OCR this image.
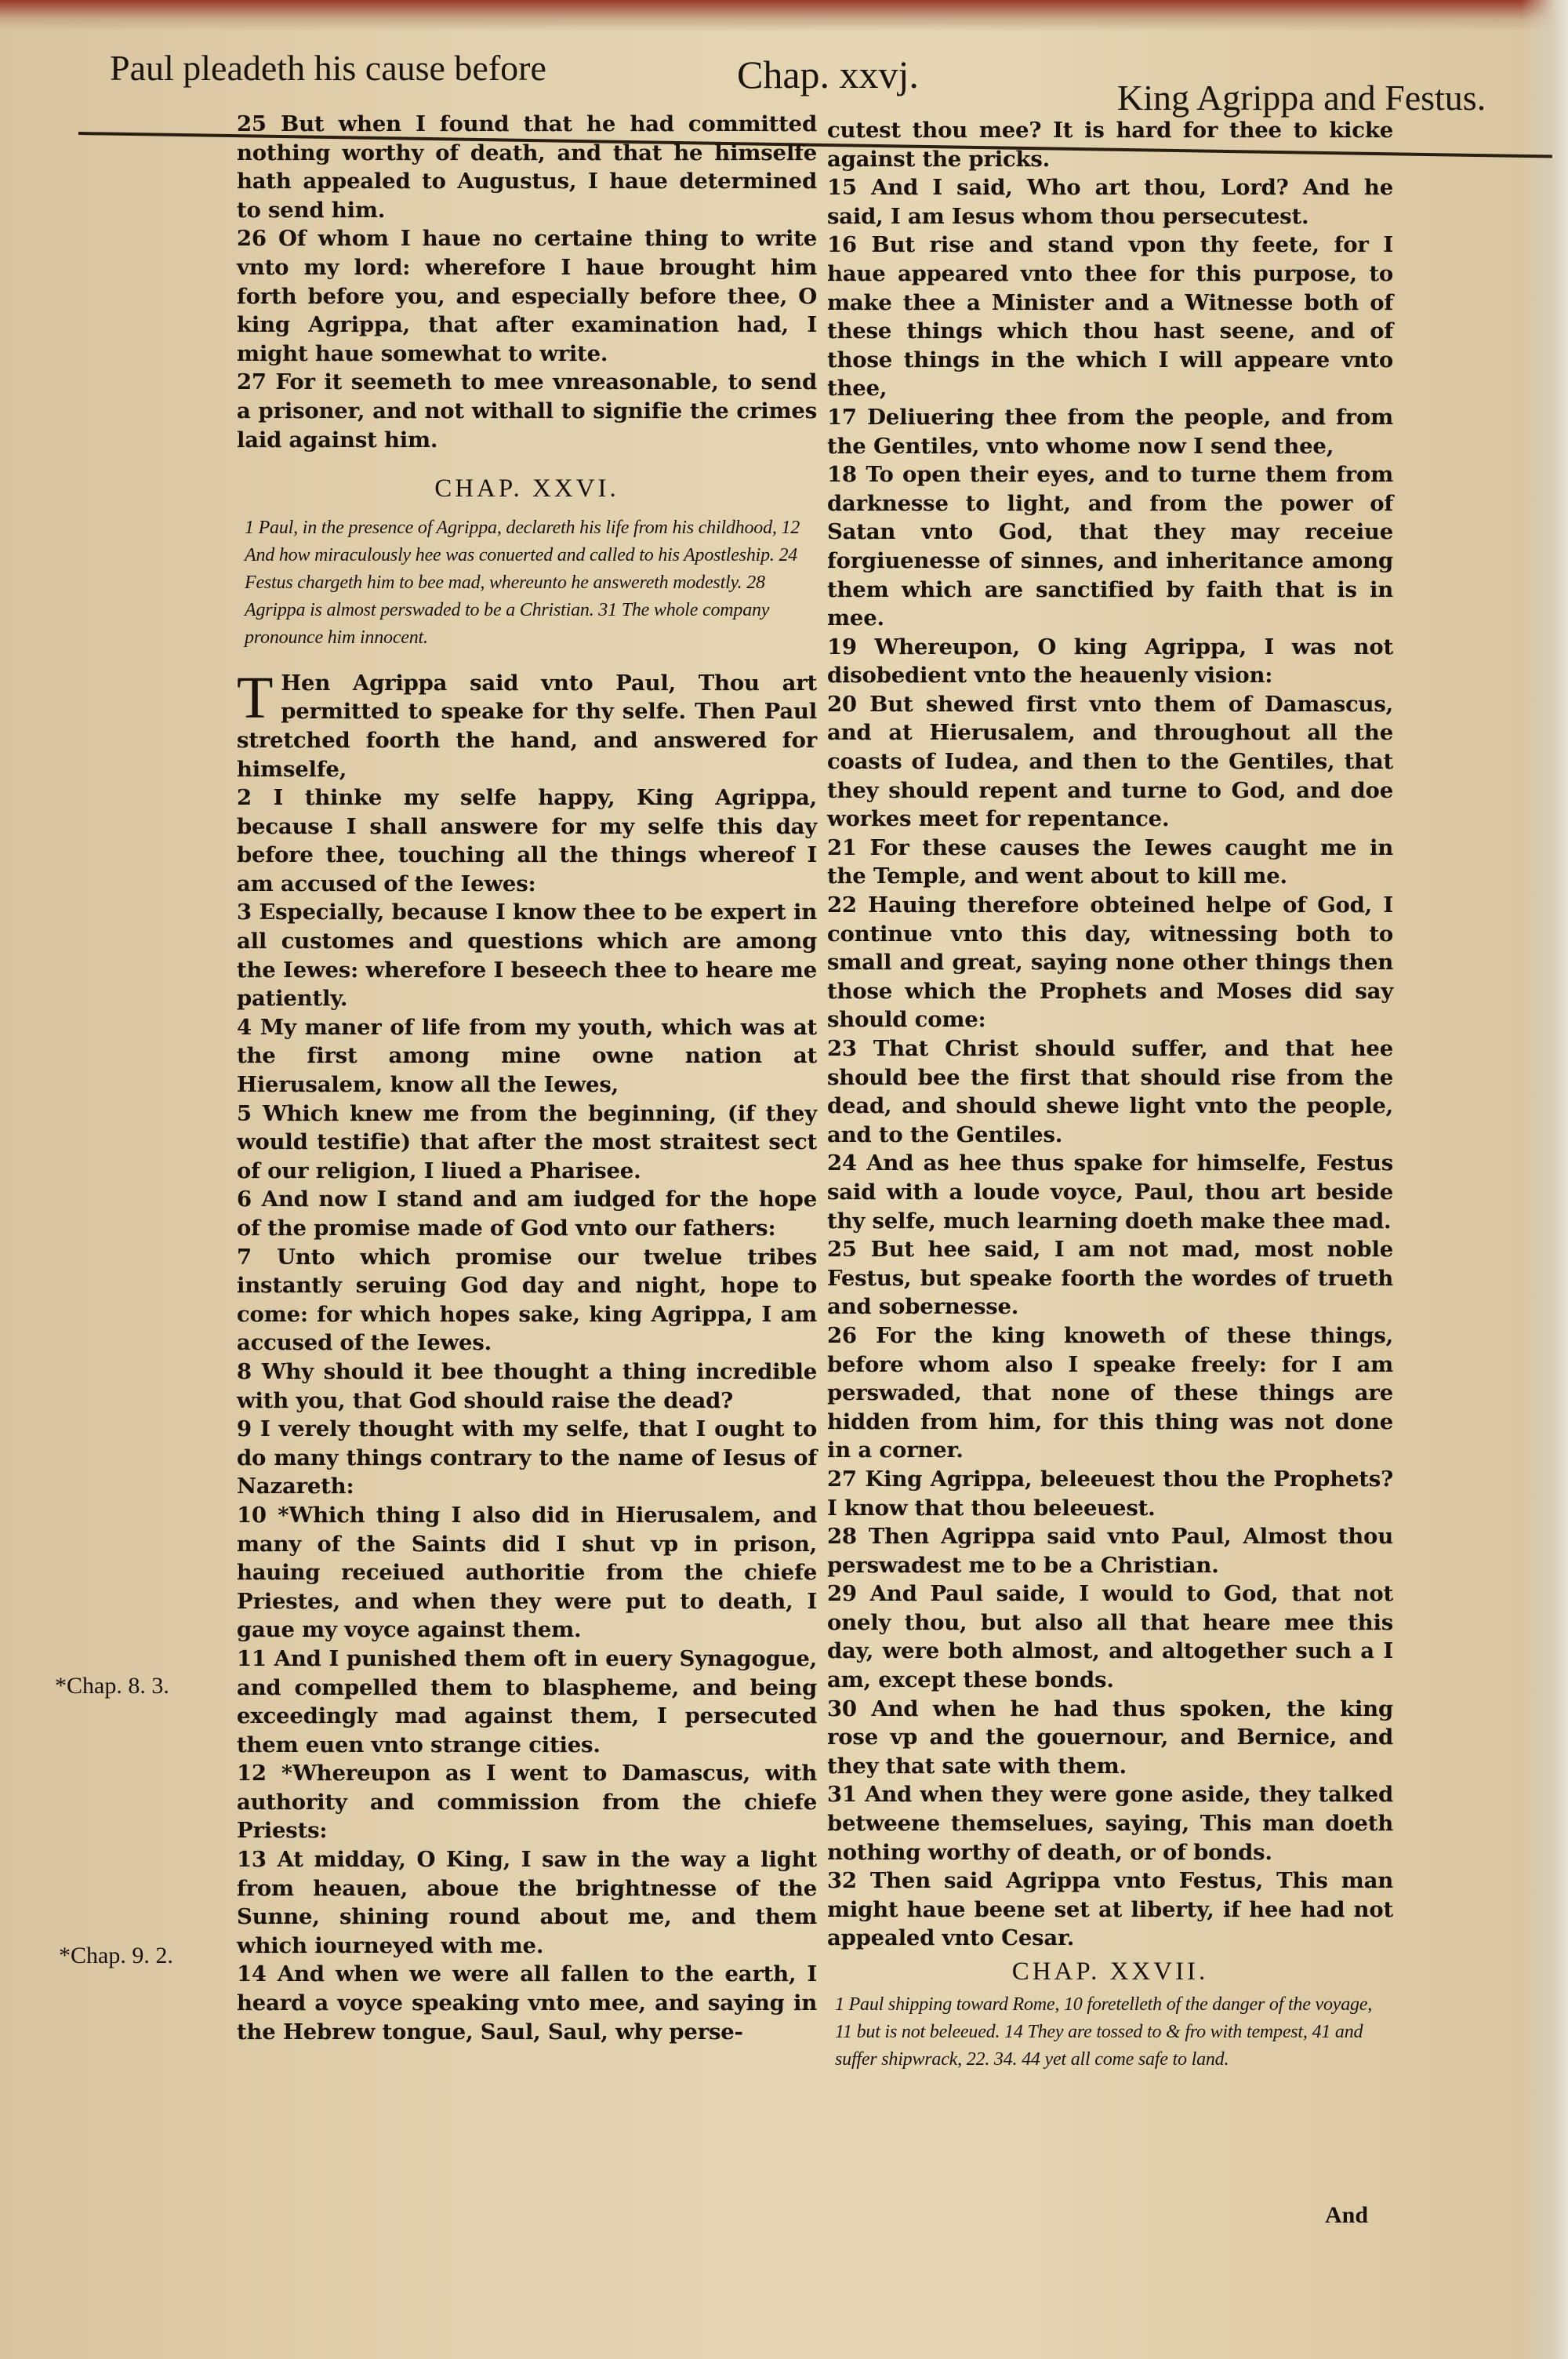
Paul pleadeth his cause before	Chap. xxvj.
King Agrippa and Festus.

25 But when I found that he had committed nothing worthy of death, and that he himselfe hath appealed to Augustus, I haue determined to send him.

26 Of whom I haue no certaine thing to write vnto my lord: wherefore I haue brought him forth before you, and especially before thee, O king Agrippa, that after examination had, I might haue somewhat to write.

27 For it seemeth to mee vnreasonable, to send a prisoner, and not withall to signifie the crimes laid against him.

CHAP. XXVI.
1 Paul, in the presence of Agrippa, declareth his life from his childhood, 12 And how miraculously hee was conuerted and called to his Apostleship. 24 Festus chargeth him to bee mad, whereunto he answereth modestly. 28 Agrippa is almost perswaded to be a Christian. 31 The whole company pronounce him innocent.

T Hen Agrippa said vnto Paul, Thou art permitted to speake for thy selfe. Then Paul stretched foorth the hand, and answered for himselfe,

2 I thinke my selfe happy, King Agrippa, because I shall answere for my selfe this day before thee, touching all the things whereof I am accused of the Iewes:

3 Especially, because I know thee to be expert in all customes and questions which are among the Iewes: wherefore I beseech thee to heare me patiently.

4 My maner of life from my youth, which was at the first among mine owne nation at Hierusalem, know all the Iewes,

5 Which knew me from the beginning, (if they would testifie) that after the most straitest sect of our religion, I liued a Pharisee.

6 And now I stand and am iudged for the hope of the promise made of God vnto our fathers:

7 Unto which promise our twelue tribes instantly seruing God day and night, hope to come: for which hopes sake, king Agrippa, I am accused of the Iewes.

8 Why should it bee thought a thing incredible with you, that God should raise the dead?

9 I verely thought with my selfe, that I ought to do many things contrary to the name of Iesus of Nazareth:

10 *Which thing I also did in Hierusalem, and many of the Saints did I shut vp in prison, hauing receiued authoritie from the chiefe Priestes, and when they were put to death, I gaue my voyce against them.

11 And I punished them oft in euery Synagogue, and compelled them to blaspheme, and being exceedingly mad against them, I persecuted them euen vnto strange cities.

12 *Whereupon as I went to Damascus, with authority and commission from the chiefe Priests:

13 At midday, O King, I saw in the way a light from heauen, aboue the brightnesse of the Sunne, shining round about me, and them which iourneyed with me.

14 And when we were all fallen to the earth, I heard a voyce speaking vnto mee, and saying in the Hebrew tongue, Saul, Saul, why perse-

cutest thou mee? It is hard for thee to kicke against the pricks.

15 And I said, Who art thou, Lord? And he said, I am Iesus whom thou persecutest.

16 But rise and stand vpon thy feete, for I haue appeared vnto thee for this purpose, to make thee a Minister and a Witnesse both of these things which thou hast seene, and of those things in the which I will appeare vnto thee,

17 Deliuering thee from the people, and from the Gentiles, vnto whome now I send thee,

18 To open their eyes, and to turne them from darknesse to light, and from the power of Satan vnto God, that they may receiue forgiuenesse of sinnes, and inheritance among them which are sanctified by faith that is in mee.

19 Whereupon, O king Agrippa, I was not disobedient vnto the heauenly vision:

20 But shewed first vnto them of Damascus, and at Hierusalem, and throughout all the coasts of Iudea, and then to the Gentiles, that they should repent and turne to God, and doe workes meet for repentance.

21 For these causes the Iewes caught me in the Temple, and went about to kill me.

22 Hauing therefore obteined helpe of God, I continue vnto this day, witnessing both to small and great, saying none other things then those which the Prophets and Moses did say should come:

23 That Christ should suffer, and that hee should bee the first that should rise from the dead, and should shewe light vnto the people, and to the Gentiles.

24 And as hee thus spake for himselfe, Festus said with a loude voyce, Paul, thou art beside thy selfe, much learning doeth make thee mad.

25 But hee said, I am not mad, most noble Festus, but speake foorth the wordes of trueth and sobernesse.

26 For the king knoweth of these things, before whom also I speake freely: for I am perswaded, that none of these things are hidden from him, for this thing was not done in a corner.

27 King Agrippa, beleeuest thou the Prophets? I know that thou beleeuest.

28 Then Agrippa said vnto Paul, Almost thou perswadest me to be a Christian.

29 And Paul saide, I would to God, that not onely thou, but also all that heare mee this day, were both almost, and altogether such a I am, except these bonds.

30 And when he had thus spoken, the king rose vp and the gouernour, and Bernice, and they that sate with them.

31 And when they were gone aside, they talked betweene themselues, saying, This man doeth nothing worthy of death, or of bonds.

32 Then said Agrippa vnto Festus, This man might haue beene set at liberty, if hee had not appealed vnto Cesar.

CHAP. XXVII.
1 Paul shipping toward Rome, 10 foretelleth of the danger of the voyage, 11 but is not beleeued. 14 They are tossed to & fro with tempest, 41 and suffer shipwrack, 22. 34. 44 yet all come safe to land.
*Chap. 8. 3.
*Chap. 9. 2.
And
